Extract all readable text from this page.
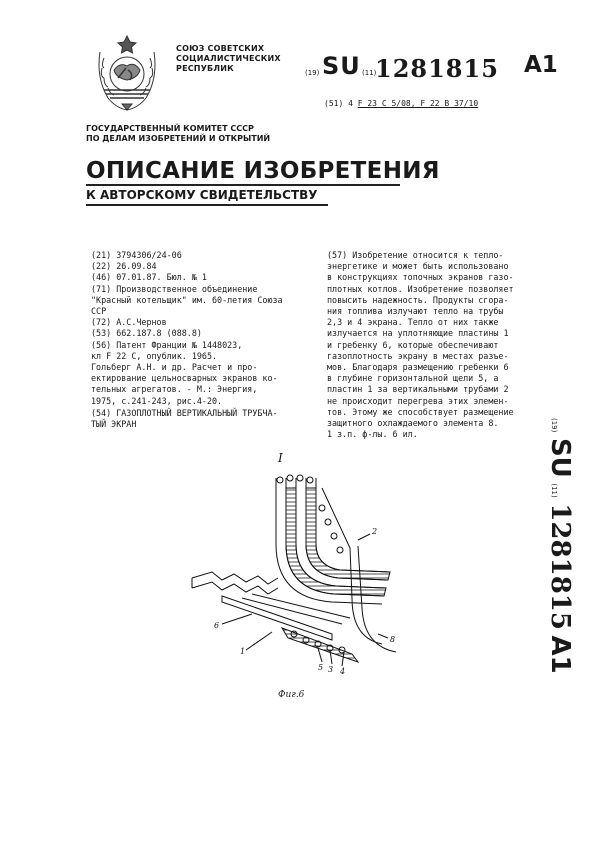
СОЮЗ СОВЕТСКИХ
СОЦИАЛИСТИЧЕСКИХ
РЕСПУБЛИК	$^{(19)}$ SU $^{(11)}$
1281815 A1
(51) 4 F 23 C 5/08, F 22 B 37/10
ГОСУДАРСТВЕННЫЙ КОМИТЕТ СССР
ПО ДЕЛАМ ИЗОБРЕТЕНИЙ И ОТКРЫТИЙ
ОПИСАНИЕ ИЗОБРЕТЕНИЯ
К АВТОРСКОМУ СВИДЕТЕЛЬСТВУ
(21) 3794306/24-06
(22) 26.09.84
(46) 07.01.87. Бюл. № 1
(71) Производственное объединение
"Красный котельщик" им. 60-летия Союза
ССР
(72) А.С.Чернов
(53) 662.187.8 (088.8)
(56) Патент Франции № 1448023,
кл F 22 C, опублик. 1965.
Гольберг А.Н. и др. Расчет и про-
ектирование цельносварных экранов ко-
тельных агрегатов. - М.: Энергия,
1975, с.241-243, рис.4-20.
(54) ГАЗОПЛОТНЫЙ ВЕРТИКАЛЬНЫЙ ТРУБЧА-
ТЫЙ ЭКРАН
(57) Изобретение относится к тепло-
энергетике и может быть использовано
в конструкциях топочных экранов газо-
плотных котлов. Изобретение позволяет
повысить надежность. Продукты сгора-
ния топлива излучают тепло на трубы
2,3 и 4 экрана. Тепло от них также
излучается на уплотняющие пластины 1
и гребенку 6, которые обеспечивают
газоплотность экрану в местах разъе-
мов. Благодаря размещению гребенки 6
в глубине горизонтальной щели 5, а
пластин 1 за вертикальными трубами 2
не происходит перегрева этих элемен-
тов. Этому же способствует размещение
защитного охлаждаемого элемента 8.
1 з.п. ф-лы. 6 ил.
I
2
6
1
8
5 3 4
Фиг.6
(19) SU (11) 1281815 A1
